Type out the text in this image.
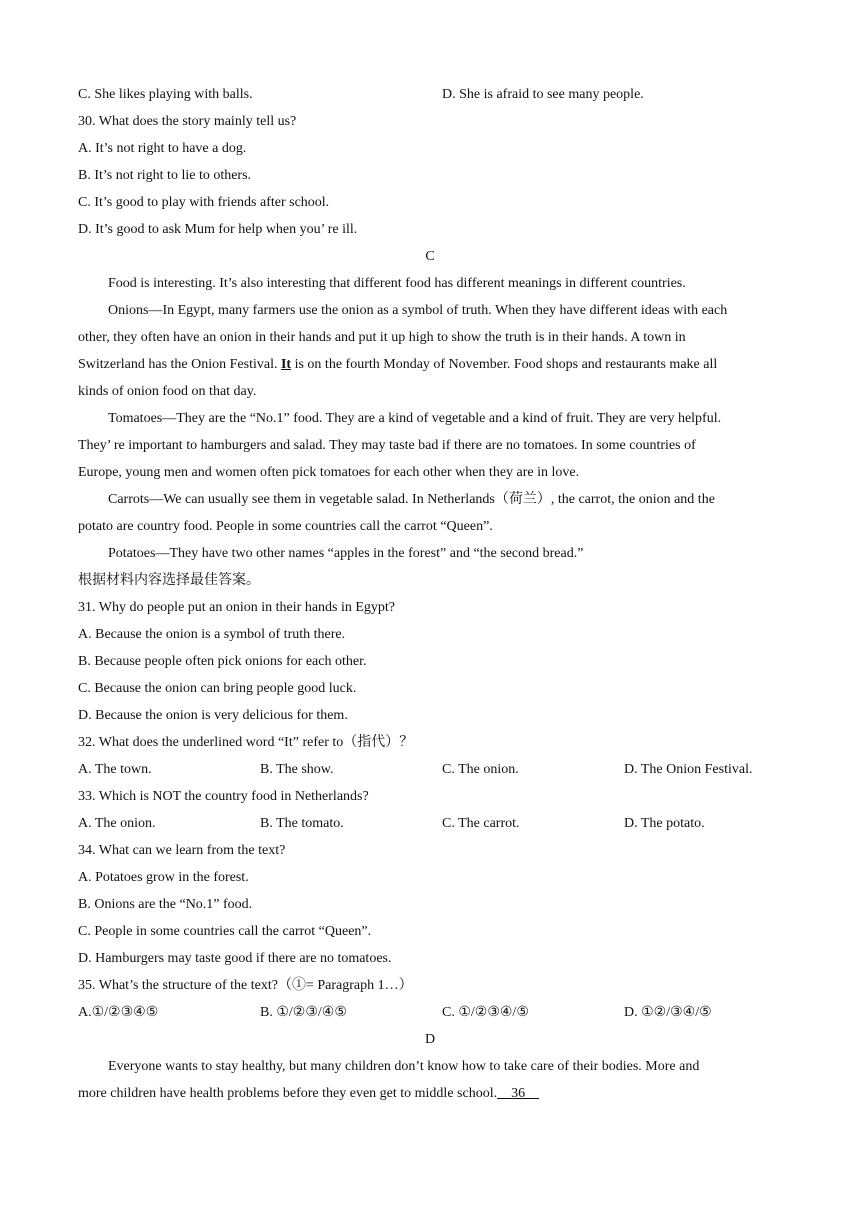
C. She likes playing with balls.	D. She is afraid to see many people.
30. What does the story mainly tell us?
A. It’s not right to have a dog.
B. It’s not right to lie to others.
C. It’s good to play with friends after school.
D. It’s good to ask Mum for help when you’ re ill.
C
Food is interesting. It’s also interesting that different food has different meanings in different countries.
Onions—In Egypt, many farmers use the onion as a symbol of truth. When they have different ideas with each
other, they often have an onion in their hands and put it up high to show the truth is in their hands. A town in
Switzerland has the Onion Festival. It is on the fourth Monday of November. Food shops and restaurants make all
kinds of onion food on that day.
Tomatoes—They are the “No.1” food. They are a kind of vegetable and a kind of fruit. They are very helpful.
They’ re important to hamburgers and salad. They may taste bad if there are no tomatoes. In some countries of
Europe, young men and women often pick tomatoes for each other when they are in love.
Carrots—We can usually see them in vegetable salad. In Netherlands（荷兰）, the carrot, the onion and the
potato are country food. People in some countries call the carrot “Queen”.
Potatoes—They have two other names “apples in the forest” and “the second bread.”
根据材料内容选择最佳答案。
31. Why do people put an onion in their hands in Egypt?
A. Because the onion is a symbol of truth there.
B. Because people often pick onions for each other.
C. Because the onion can bring people good luck.
D. Because the onion is very delicious for them.
32. What does the underlined word “It” refer to（指代）？
A. The town.	B. The show.	C. The onion.	D. The Onion Festival.
33. Which is NOT the country food in Netherlands?
A. The onion.	B. The tomato.	C. The carrot.	D. The potato.
34. What can we learn from the text?
A. Potatoes grow in the forest.
B. Onions are the “No.1” food.
C. People in some countries call the carrot “Queen”.
D. Hamburgers may taste good if there are no tomatoes.
35. What’s the structure of the text?（①= Paragraph 1…）
A.①/②③④⑤	B. ①/②③/④⑤	C. ①/②③④/⑤	D. ①②/③④/⑤
D
Everyone wants to stay healthy, but many children don’t know how to take care of their bodies. More and
more children have health problems before they even get to middle school.    36
